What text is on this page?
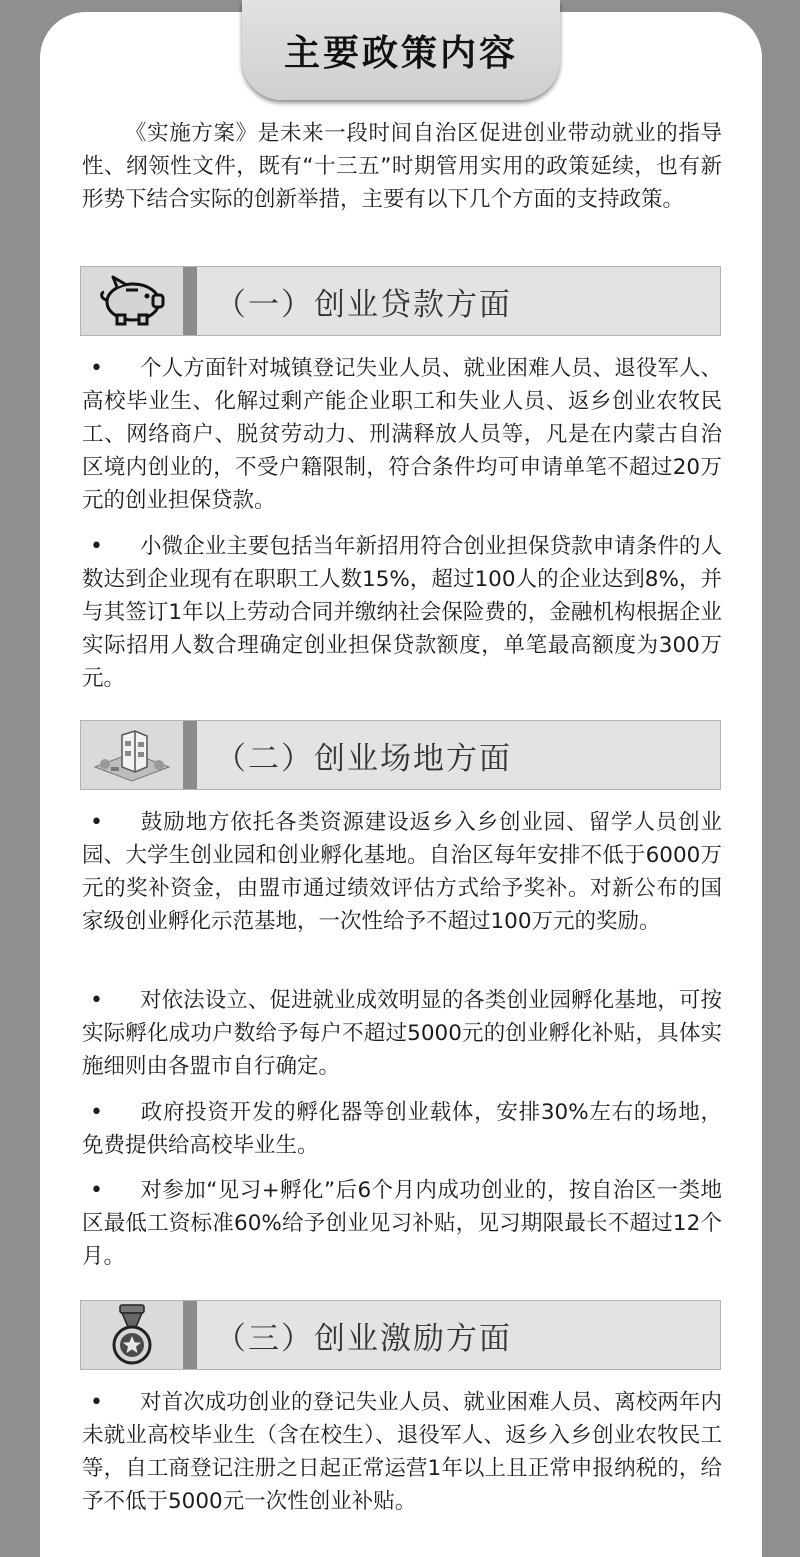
主要政策内容

《实施方案》是未来一段时间自治区促进创业带动就业的指导性、纲领性文件，既有“十三五”时期管用实用的政策延续，也有新形势下结合实际的创新举措，主要有以下几个方面的支持政策。

（一）创业贷款方面

• 个人方面针对城镇登记失业人员、就业困难人员、退役军人、高校毕业生、化解过剩产能企业职工和失业人员、返乡创业农牧民工、网络商户、脱贫劳动力、刑满释放人员等，凡是在内蒙古自治区境内创业的，不受户籍限制，符合条件均可申请单笔不超过20万元的创业担保贷款。

• 小微企业主要包括当年新招用符合创业担保贷款申请条件的人数达到企业现有在职职工人数15%，超过100人的企业达到8%，并与其签订1年以上劳动合同并缴纳社会保险费的，金融机构根据企业实际招用人数合理确定创业担保贷款额度，单笔最高额度为300万元。

（二）创业场地方面

• 鼓励地方依托各类资源建设返乡入乡创业园、留学人员创业园、大学生创业园和创业孵化基地。自治区每年安排不低于6000万元的奖补资金，由盟市通过绩效评估方式给予奖补。对新公布的国家级创业孵化示范基地，一次性给予不超过100万元的奖励。

• 对依法设立、促进就业成效明显的各类创业园孵化基地，可按实际孵化成功户数给予每户不超过5000元的创业孵化补贴，具体实施细则由各盟市自行确定。

• 政府投资开发的孵化器等创业载体，安排30%左右的场地，免费提供给高校毕业生。

• 对参加“见习+孵化”后6个月内成功创业的，按自治区一类地区最低工资标准60%给予创业见习补贴，见习期限最长不超过12个月。

（三）创业激励方面

• 对首次成功创业的登记失业人员、就业困难人员、离校两年内未就业高校毕业生（含在校生）、退役军人、返乡入乡创业农牧民工等，自工商登记注册之日起正常运营1年以上且正常申报纳税的，给予不低于5000元一次性创业补贴。
